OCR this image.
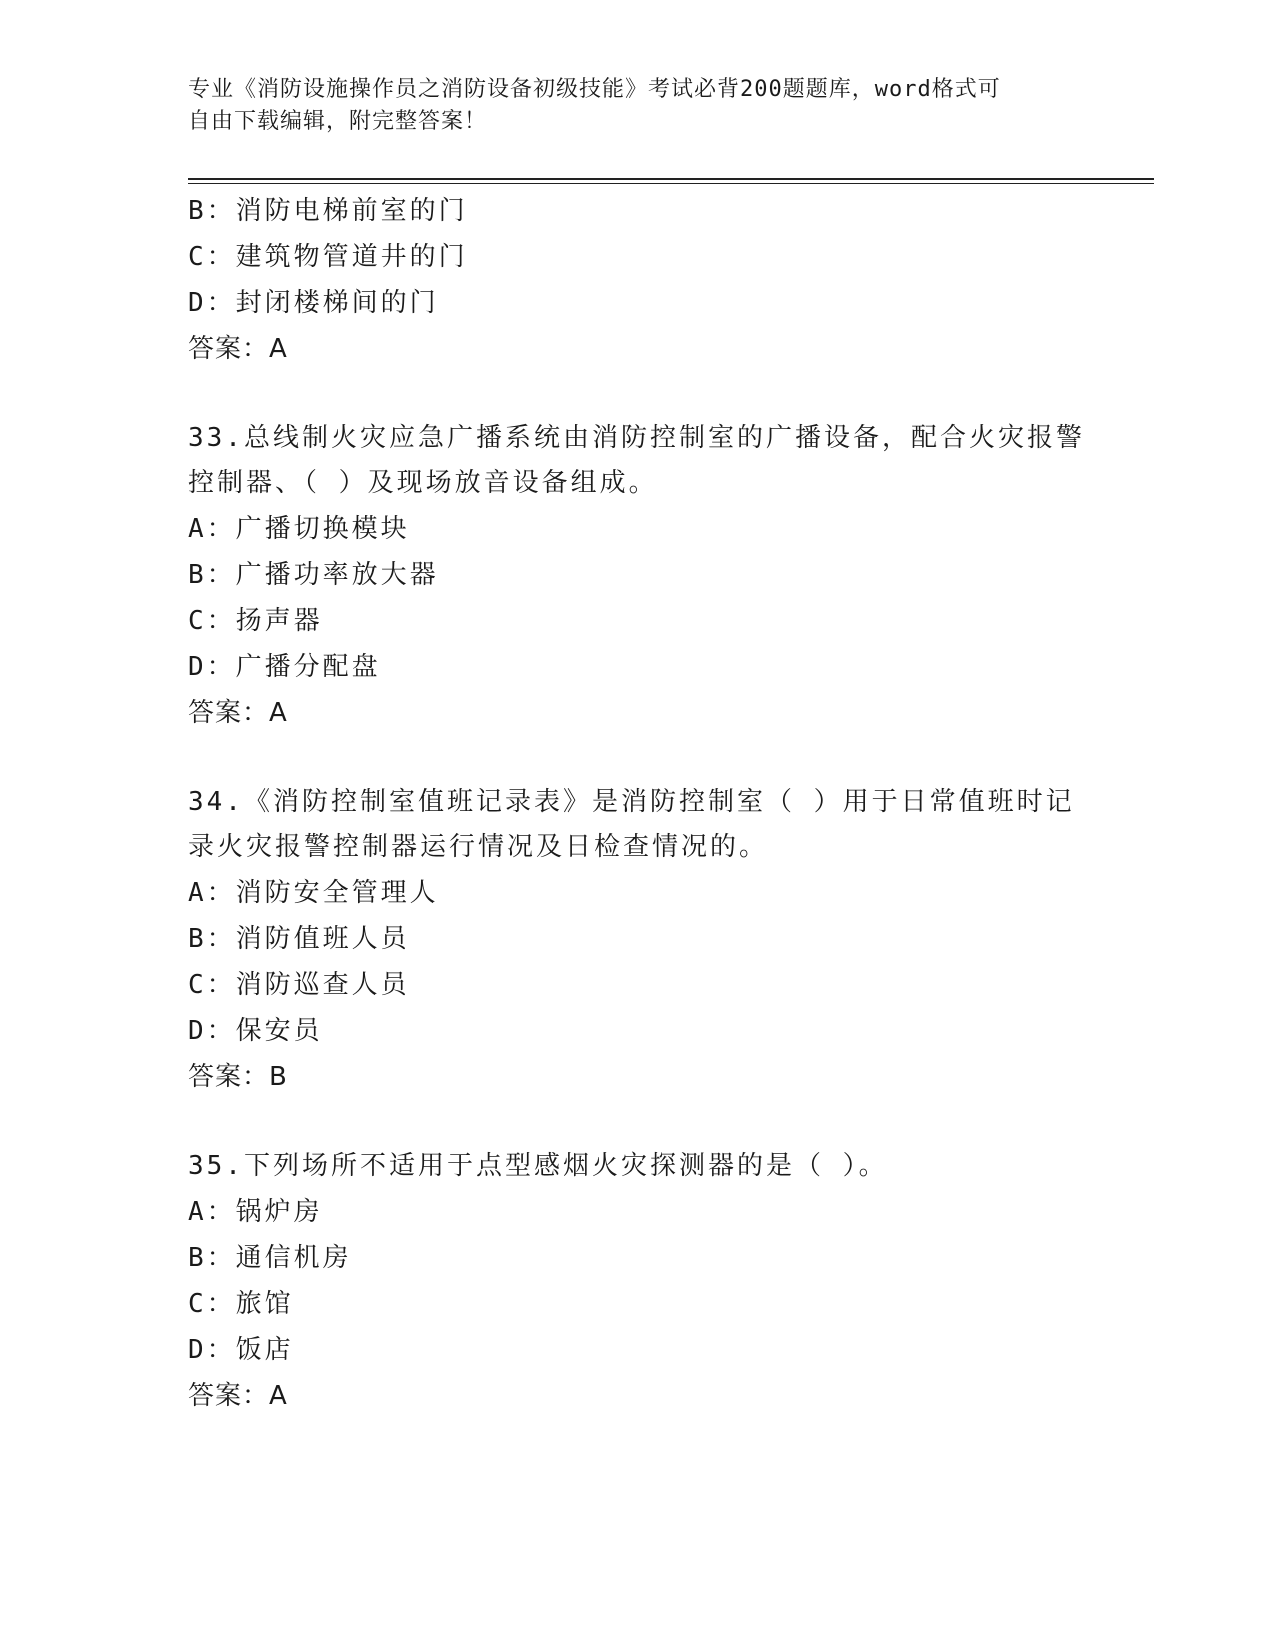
专业《消防设施操作员之消防设备初级技能》考试必背200题题库，word格式可
自由下载编辑，附完整答案！
B：消防电梯前室的门
C：建筑物管道井的门
D：封闭楼梯间的门
答案：A
33.总线制火灾应急广播系统由消防控制室的广播设备，配合火灾报警
控制器、（ ）及现场放音设备组成。
A：广播切换模块
B：广播功率放大器
C：扬声器
D：广播分配盘
答案：A
34.《消防控制室值班记录表》是消防控制室（ ）用于日常值班时记
录火灾报警控制器运行情况及日检查情况的。
A：消防安全管理人
B：消防值班人员
C：消防巡查人员
D：保安员
答案：B
35.下列场所不适用于点型感烟火灾探测器的是（ ）。
A：锅炉房
B：通信机房
C：旅馆
D：饭店
答案：A
